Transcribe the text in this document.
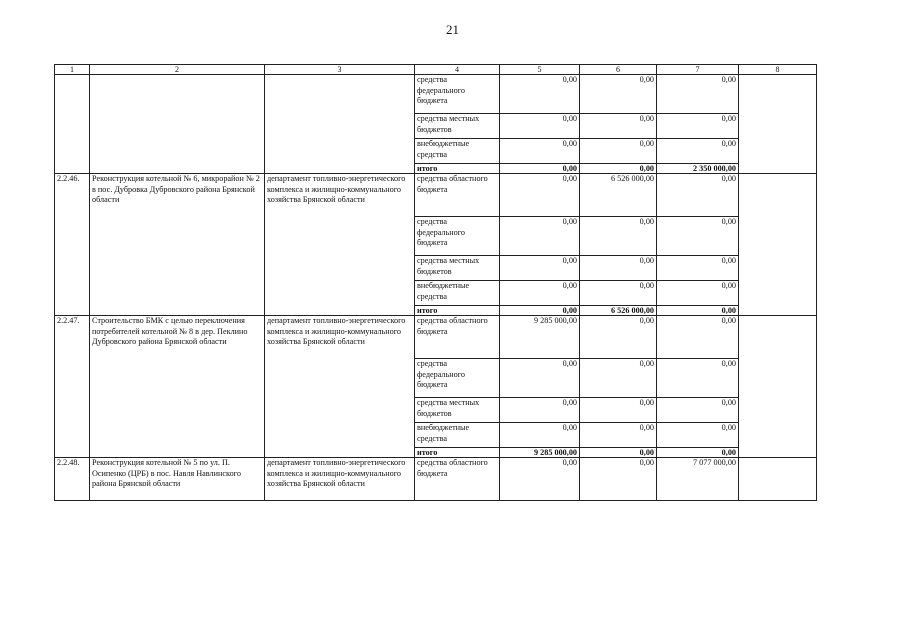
21
1	2	3	4	5	6	7	8
			средства федерального бюджета	0,00	0,00	0,00	
			средства местных бюджетов	0,00	0,00	0,00	
			внебюджетные средства	0,00	0,00	0,00	
			итого	0,00	0,00	2 350 000,00	
2.2.46.	Реконструкция котельной № 6, микрорайон № 2 в пос. Дубровка Дубровского района Брянской области	департамент топливно-энергетического комплекса и жилищно-коммунального хозяйства Брянской области	средства областного бюджета	0,00	6 526 000,00	0,00	
			средства федерального бюджета	0,00	0,00	0,00	
			средства местных бюджетов	0,00	0,00	0,00	
			внебюджетные средства	0,00	0,00	0,00	
			итого	0,00	6 526 000,00	0,00	
2.2.47.	Строительство БМК с целью переключения потребителей котельной № 8 в дер. Пеклино Дубровского района Брянской области	департамент топливно-энергетического комплекса и жилищно-коммунального хозяйства Брянской области	средства областного бюджета	9 285 000,00	0,00	0,00	
			средства федерального бюджета	0,00	0,00	0,00	
			средства местных бюджетов	0,00	0,00	0,00	
			внебюджетные средства	0,00	0,00	0,00	
			итого	9 285 000,00	0,00	0,00	
2.2.48.	Реконструкция котельной № 5 по ул. П. Осипенко (ЦРБ) в пос. Навля Навлинского района Брянской области	департамент топливно-энергетического комплекса и жилищно-коммунального хозяйства Брянской области	средства областного бюджета	0,00	0,00	7 077 000,00	
